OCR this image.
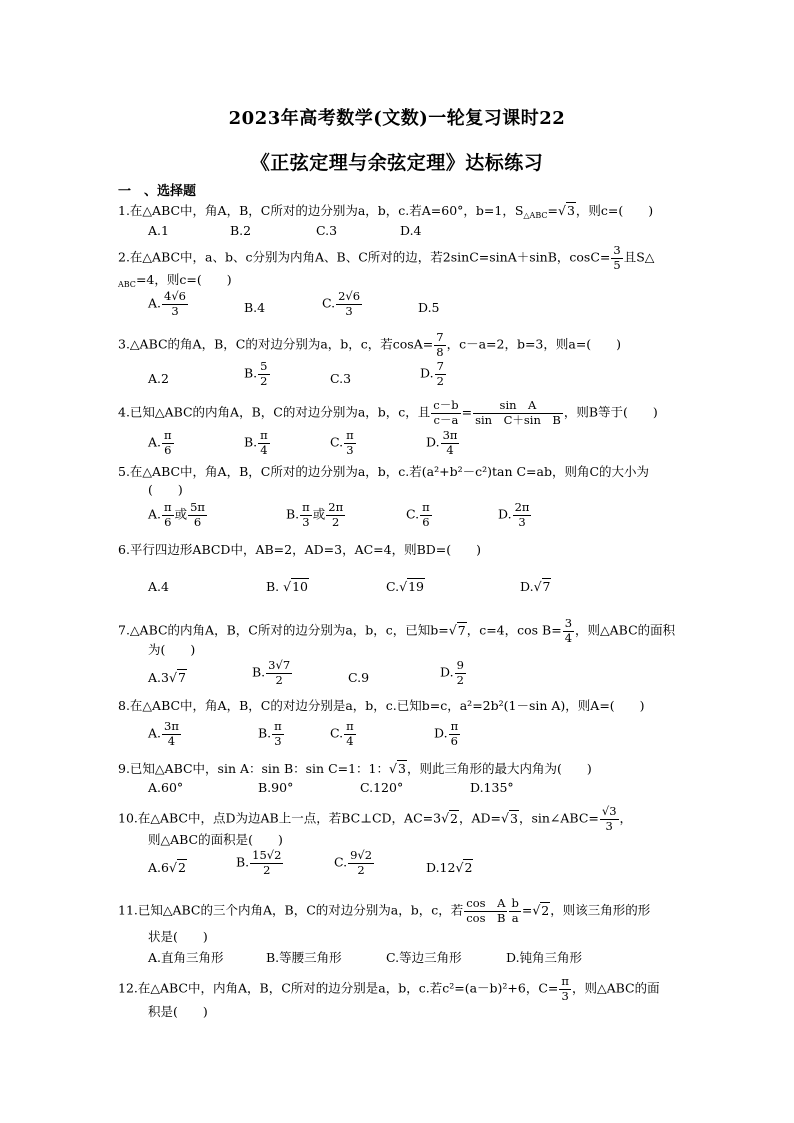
2023年高考数学(文数)一轮复习课时22
《正弦定理与余弦定理》达标练习
一　、选择题
1.在△ABC中，角A，B，C所对的边分别为a，b，c.若A=60°，b=1，$S_{\triangle ABC}=√3$，则c=(　　)
A.1	B.2	C.3	D.4
2.在△ABC中，a、b、c分别为内角A、B、C所对的边，若2sinC=sinA＋sinB，$\cos C= \frac{3}{5}$ 且S△
$_{ABC}$=4，则c=(　　)
A. $\frac{4√6}{3}$	B.4	C. $\frac{2√6}{3}$	D.5
3.△ABC的角A，B，C的对边分别为a，b，c，若$\cos A= \frac{7}{8}$ ，c－a=2，b=3，则a=(　　)
A.2	B. $\frac{5}{2}$	C.3	D. $\frac{7}{2}$
4.已知△ABC的内角A，B，C的对边分别为a，b，c，且 $\frac{c-b}{c-a} = \frac{\text{sin　A}}{\text{sin　C＋sin　B}}$ ，则B等于(　　)
A. $\frac{\pi}{6}$	B. $\frac{\pi}{4}$	C. $\frac{\pi}{3}$	D. $\frac{3\pi}{4}$
5.在△ABC中，角A，B，C所对的边分别为a，b，c.若(a²+b²－c²)tan C=ab，则角C的大小为
(　　)
A. $\frac{\pi}{6}$ 或 $\frac{5\pi}{6}$	B. $\frac{\pi}{3}$ 或 $\frac{2\pi}{2}$	C. $\frac{\pi}{6}$	D. $\frac{2\pi}{3}$
6.平行四边形ABCD中，AB=2，AD=3，AC=4，则BD=(　　)
A.4	B. √10	C.√19	D.√7
7.△ABC的内角A，B，C所对的边分别为a，b，c，已知b=√7，c=4，$\cos B= \frac{3}{4}$ ，则△ABC的面积
为(　　)
A.3√7	B. $\frac{3√7}{2}$	C.9	D. $\frac{9}{2}$
8.在△ABC中，角A，B，C的对边分别是a，b，c.已知b=c，a²=2b²(1－sin A)，则A=(　　)
A. $\frac{3\pi}{4}$	B. $\frac{\pi}{3}$	C. $\frac{\pi}{4}$	D. $\frac{\pi}{6}$
9.已知△ABC中，sin A：sin B：sin C=1：1：√3，则此三角形的最大内角为(　　)
A.60°	B.90°	C.120°	D.135°
10.在△ABC中，点D为边AB上一点，若BC⊥CD，AC=3√2，AD=√3，sin∠ABC= $\frac{√3}{3}$ ，
则△ABC的面积是(　　)
A.6√2	B. $\frac{15√2}{2}$	C. $\frac{9√2}{2}$	D.12√2
11.已知△ABC的三个内角A，B，C的对边分别为a，b，c，若 $\frac{\text{cos　A}}{\text{cos　B}} \frac{b}{a} =√2$，则该三角形的形
状是(　　)
A.直角三角形	B.等腰三角形	C.等边三角形	D.钝角三角形
12.在△ABC中，内角A，B，C所对的边分别是a，b，c.若c²=(a－b)²+6，$C= \frac{\pi}{3}$ ，则△ABC的面
积是(　　)
